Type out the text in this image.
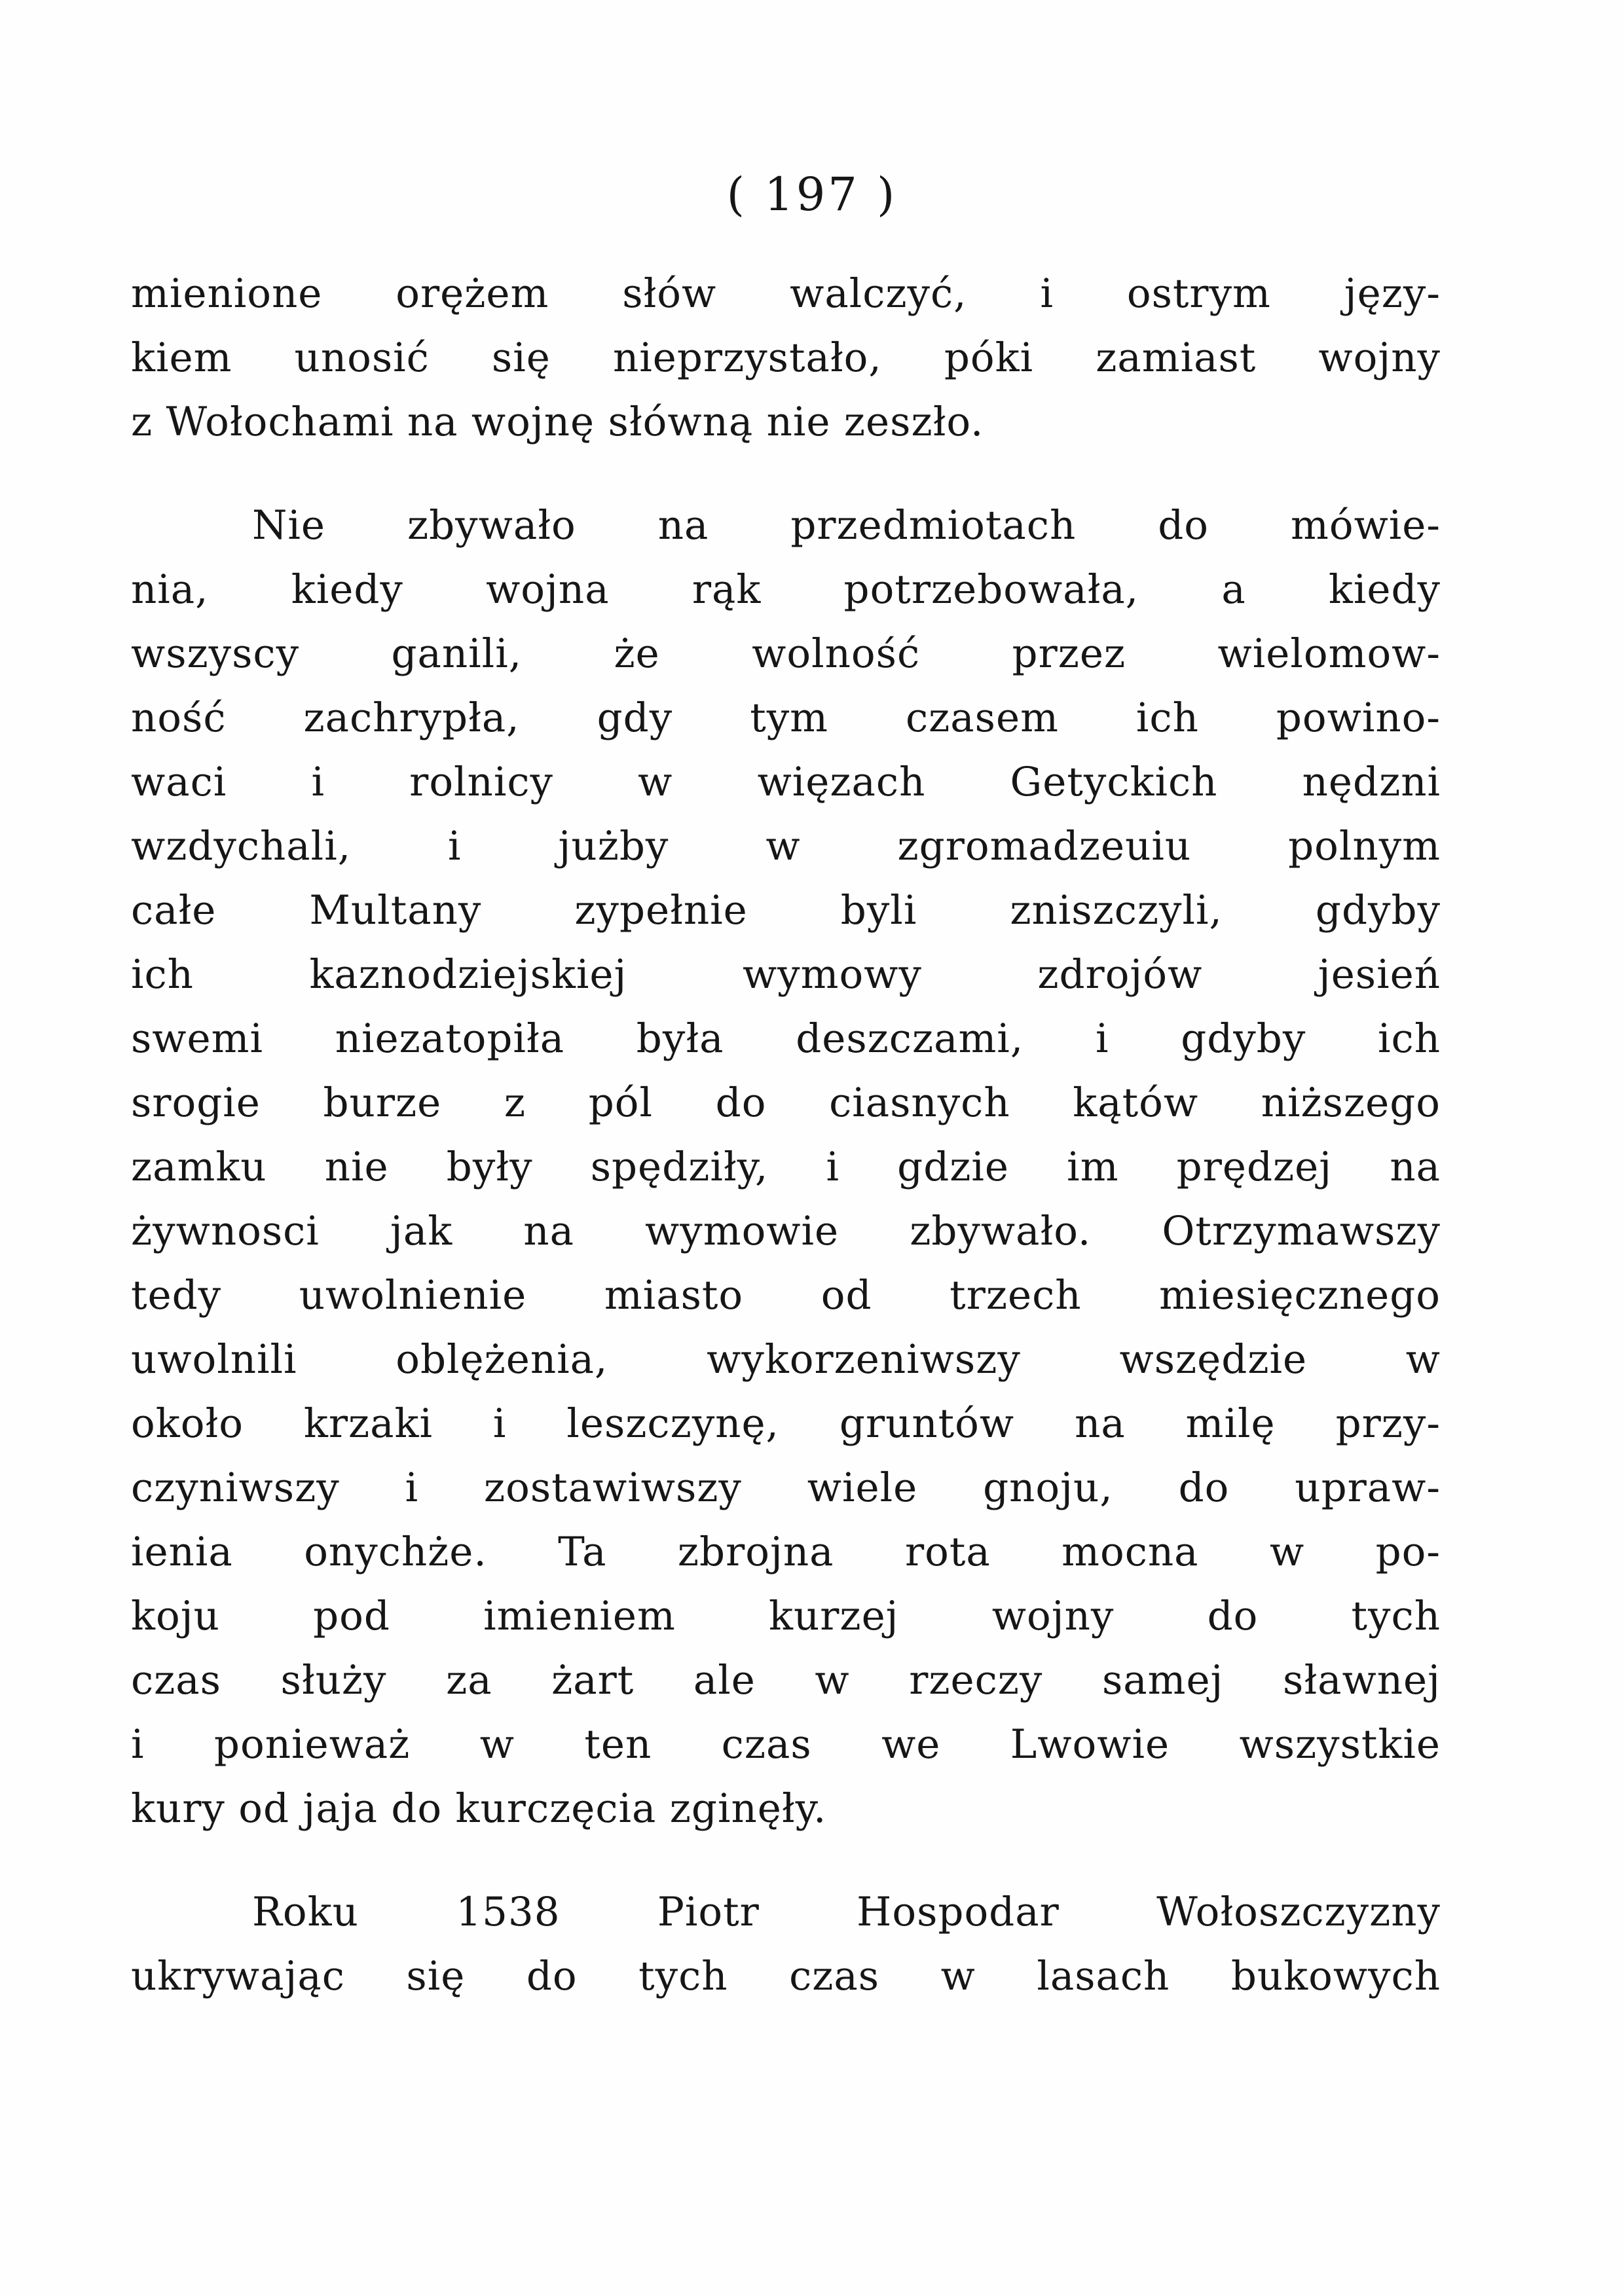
( 197 )

mienione orężem słów walczyć, i ostrym języ-
kiem unosić się nieprzystało, póki zamiast wojny
z Wołochami na wojnę słówną nie zeszło.

Nie zbywało na przedmiotach do mówie-
nia, kiedy wojna rąk potrzebowała, a kiedy
wszyscy ganili, że wolność przez wielomow-
ność zachrypła, gdy tym czasem ich powino-
waci i rolnicy w więzach Getyckich nędzni
wzdychali, i jużby w zgromadzeuiu polnym
całe Multany zypełnie byli zniszczyli, gdyby
ich kaznodziejskiej wymowy zdrojów jesień
swemi niezatopiła była deszczami, i gdyby ich
srogie burze z pól do ciasnych kątów niższego
zamku nie były spędziły, i gdzie im prędzej na
żywnosci jak na wymowie zbywało. Otrzymawszy
tedy uwolnienie miasto od trzech miesięcznego
uwolnili oblężenia, wykorzeniwszy wszędzie w
około krzaki i leszczynę, gruntów na milę przy-
czyniwszy i zostawiwszy wiele gnoju, do upraw-
ienia onychże. Ta zbrojna rota mocna w po-
koju pod imieniem kurzej wojny do tych
czas służy za żart ale w rzeczy samej sławnej
i ponieważ w ten czas we Lwowie wszystkie
kury od jaja do kurczęcia zginęły.

Roku 1538 Piotr Hospodar Wołoszczyzny
ukrywając się do tych czas w lasach bukowych
